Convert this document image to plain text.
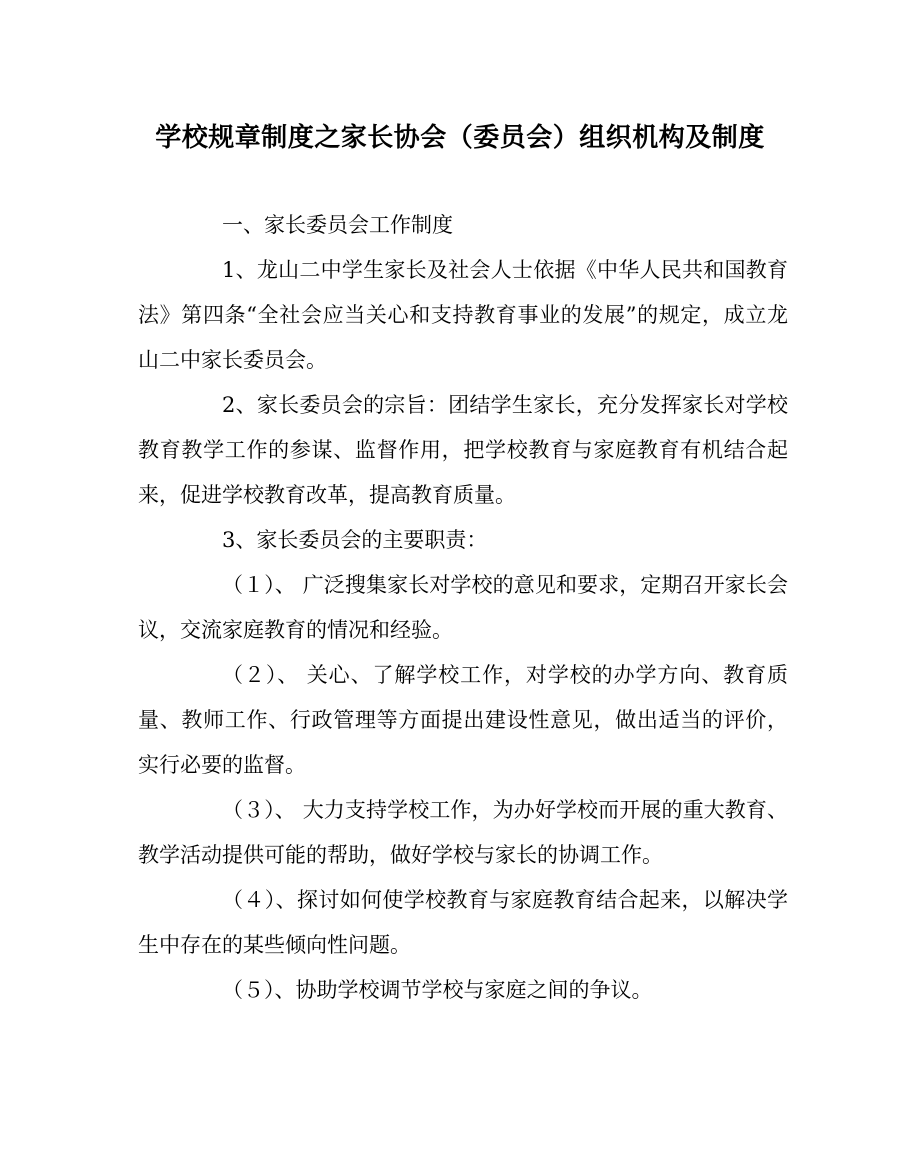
学校规章制度之家长协会（委员会）组织机构及制度

一、家长委员会工作制度

1、龙山二中学生家长及社会人士依据《中华人民共和国教育法》第四条“全社会应当关心和支持教育事业的发展”的规定，成立龙山二中家长委员会。

2、家长委员会的宗旨：团结学生家长，充分发挥家长对学校教育教学工作的参谋、监督作用，把学校教育与家庭教育有机结合起来，促进学校教育改革，提高教育质量。

3、家长委员会的主要职责：

（１）、 广泛搜集家长对学校的意见和要求，定期召开家长会议，交流家庭教育的情况和经验。

（２）、 关心、了解学校工作，对学校的办学方向、教育质量、教师工作、行政管理等方面提出建设性意见，做出适当的评价，实行必要的监督。

（３）、 大力支持学校工作，为办好学校而开展的重大教育、教学活动提供可能的帮助，做好学校与家长的协调工作。

（４）、探讨如何使学校教育与家庭教育结合起来，以解决学生中存在的某些倾向性问题。

（５）、协助学校调节学校与家庭之间的争议。
